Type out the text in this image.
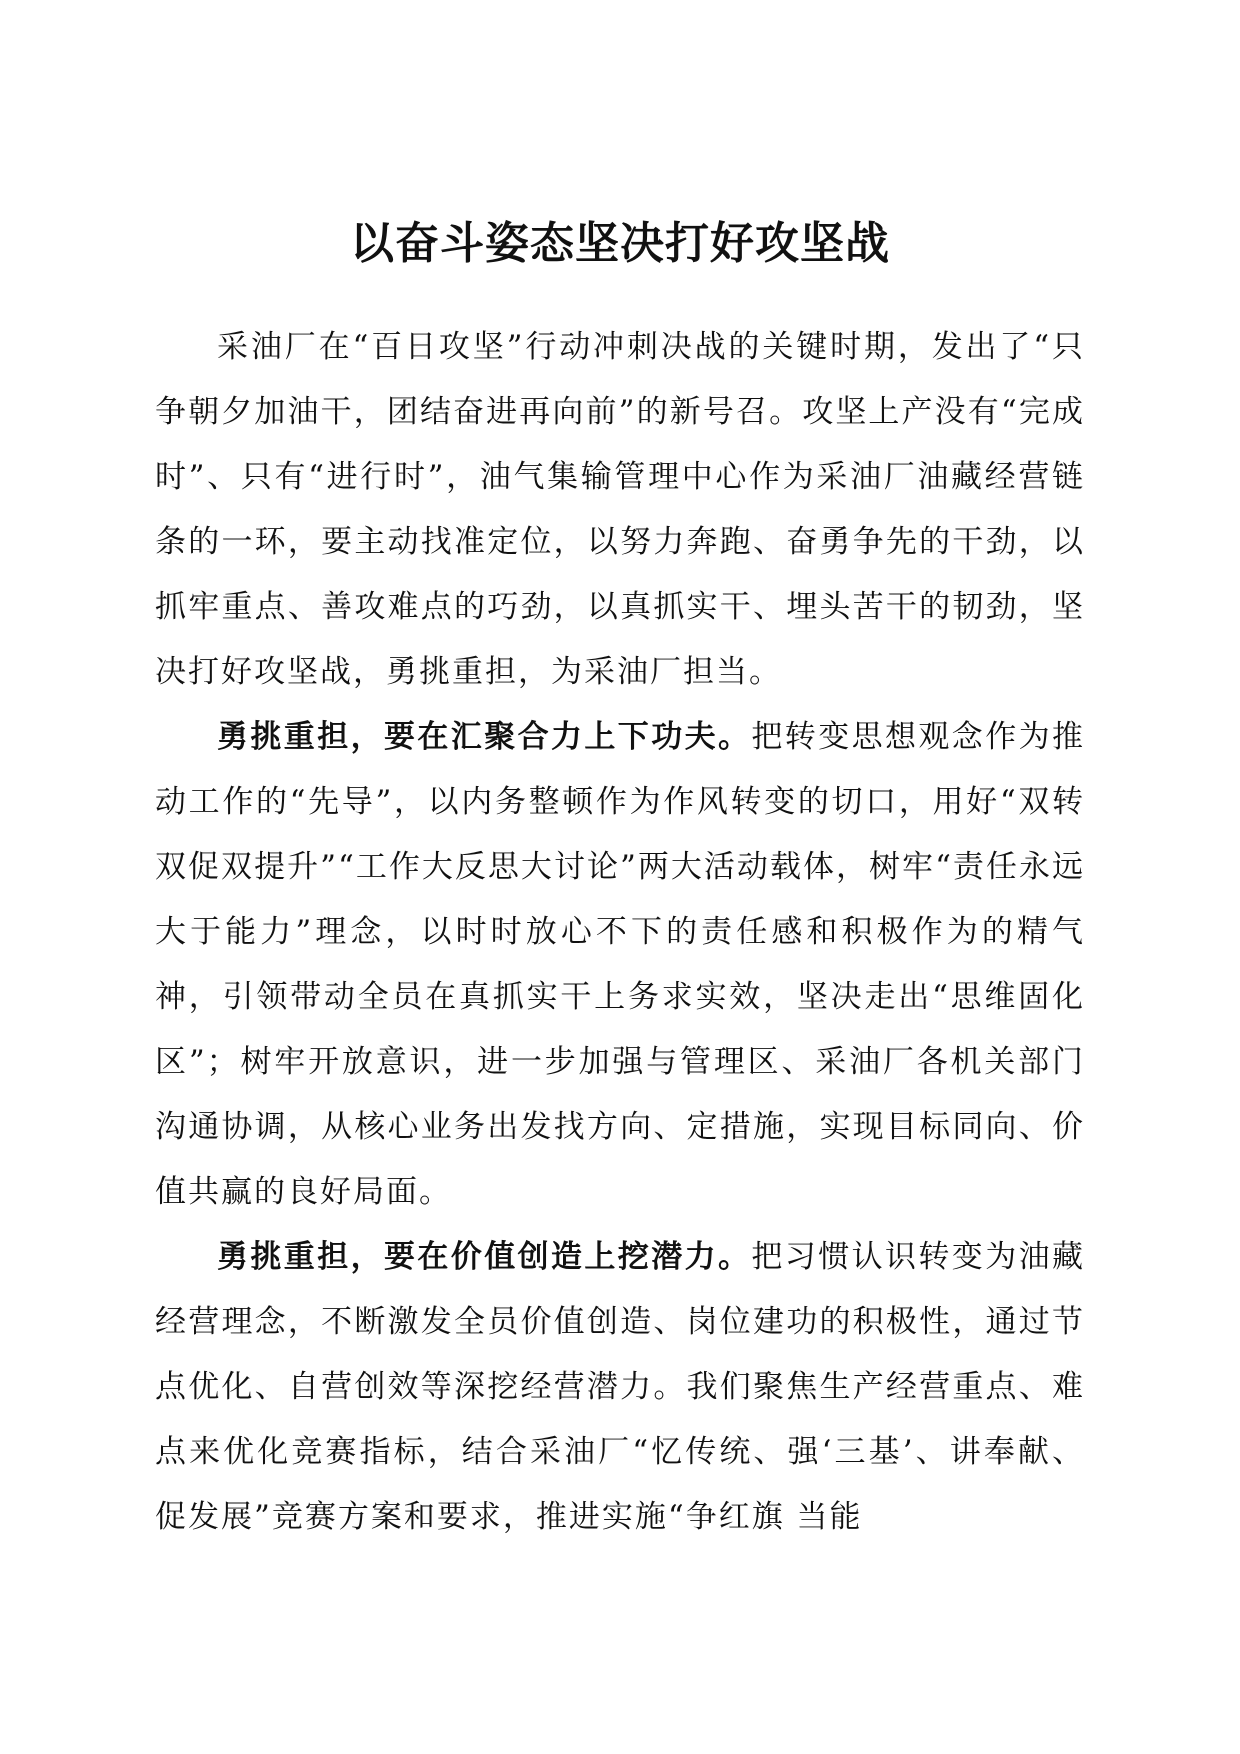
以奋斗姿态坚决打好攻坚战

采油厂在“百日攻坚”行动冲刺决战的关键时期，发出了“只争朝夕加油干，团结奋进再向前”的新号召。攻坚上产没有“完成时”、只有“进行时”，油气集输管理中心作为采油厂油藏经营链条的一环，要主动找准定位，以努力奔跑、奋勇争先的干劲，以抓牢重点、善攻难点的巧劲，以真抓实干、埋头苦干的韧劲，坚决打好攻坚战，勇挑重担，为采油厂担当。

勇挑重担，要在汇聚合力上下功夫。把转变思想观念作为推动工作的“先导”，以内务整顿作为作风转变的切口，用好“双转双促双提升”“工作大反思大讨论”两大活动载体，树牢“责任永远大于能力”理念，以时时放心不下的责任感和积极作为的精气神，引领带动全员在真抓实干上务求实效，坚决走出“思维固化区”；树牢开放意识，进一步加强与管理区、采油厂各机关部门沟通协调，从核心业务出发找方向、定措施，实现目标同向、价值共赢的良好局面。

勇挑重担，要在价值创造上挖潜力。把习惯认识转变为油藏经营理念，不断激发全员价值创造、岗位建功的积极性，通过节点优化、自营创效等深挖经营潜力。我们聚焦生产经营重点、难点来优化竞赛指标，结合采油厂“忆传统、强‘三基’、讲奉献、促发展”竞赛方案和要求，推进实施“争红旗 当能
